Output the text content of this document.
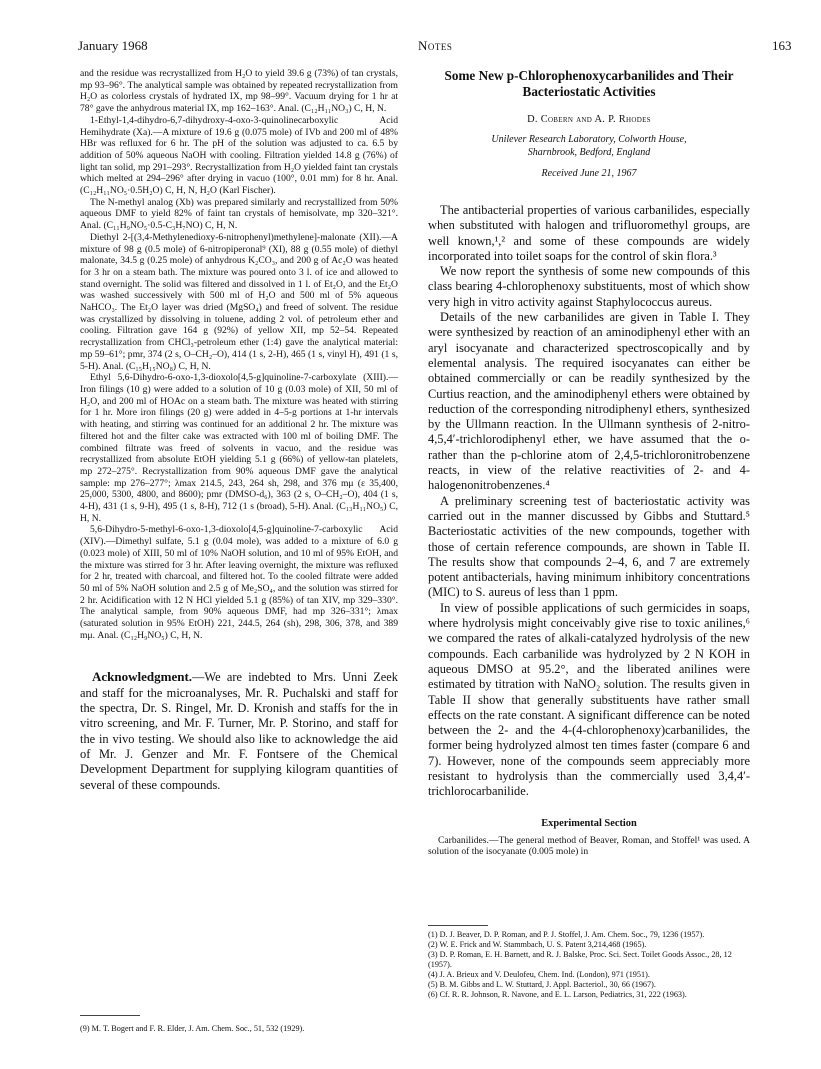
January 1968	Notes	163

and the residue was recrystallized from H₂O to yield 39.6 g (73%) of tan crystals, mp 93–96°. The analytical sample was obtained by repeated recrystallization from H₂O as colorless crystals of hydrated IX, mp 98–99°. Vacuum drying for 1 hr at 78° gave the anhydrous material IX, mp 162–163°. Anal. (C₁₂H₁₁NO₃) C, H, N.

1-Ethyl-1,4-dihydro-6,7-dihydroxy-4-oxo-3-quinolinecarboxylic Acid Hemihydrate (Xa).—A mixture of 19.6 g (0.075 mole) of IVb and 200 ml of 48% HBr was refluxed for 6 hr. The pH of the solution was adjusted to ca. 6.5 by addition of 50% aqueous NaOH with cooling. Filtration yielded 14.8 g (76%) of light tan solid, mp 291–293°. Recrystallization from H₂O yielded faint tan crystals which melted at 294–296° after drying in vacuo (100°, 0.01 mm) for 8 hr. Anal. (C₁₂H₁₁NO₅·0.5H₂O) C, H, N, H₂O (Karl Fischer).

The N-methyl analog (Xb) was prepared similarly and recrystallized from 50% aqueous DMF to yield 82% of faint tan crystals of hemisolvate, mp 320–321°. Anal. (C₁₁H₉NO₅·0.5-C₃H₇NO) C, H, N.

Diethyl 2-[(3,4-Methylenedioxy-6-nitrophenyl)methylene]-malonate (XII).—A mixture of 98 g (0.5 mole) of 6-nitropiperonal⁹ (XI), 88 g (0.55 mole) of diethyl malonate, 34.5 g (0.25 mole) of anhydrous K₂CO₃, and 200 g of Ac₂O was heated for 3 hr on a steam bath. The mixture was poured onto 3 l. of ice and allowed to stand overnight. The solid was filtered and dissolved in 1 l. of Et₂O, and the Et₂O was washed successively with 500 ml of H₂O and 500 ml of 5% aqueous NaHCO₃. The Et₂O layer was dried (MgSO₄) and freed of solvent. The residue was crystallized by dissolving in toluene, adding 2 vol. of petroleum ether and cooling. Filtration gave 164 g (92%) of yellow XII, mp 52–54. Repeated recrystallization from CHCl₃-petroleum ether (1:4) gave the analytical material: mp 59–61°; pmr, 374 (2 s, O–CH₂–O), 414 (1 s, 2-H), 465 (1 s, vinyl H), 491 (1 s, 5-H). Anal. (C₁₅H₁₅NO₈) C, H, N.

Ethyl 5,6-Dihydro-6-oxo-1,3-dioxolo[4,5-g]quinoline-7-carboxylate (XIII).—Iron filings (10 g) were added to a solution of 10 g (0.03 mole) of XII, 50 ml of H₂O, and 200 ml of HOAc on a steam bath. The mixture was heated with stirring for 1 hr. More iron filings (20 g) were added in 4–5-g portions at 1-hr intervals with heating, and stirring was continued for an additional 2 hr. The mixture was filtered hot and the filter cake was extracted with 100 ml of boiling DMF. The combined filtrate was freed of solvents in vacuo, and the residue was recrystallized from absolute EtOH yielding 5.1 g (66%) of yellow-tan platelets, mp 272–275°. Recrystallization from 90% aqueous DMF gave the analytical sample: mp 276–277°; λmax 214.5, 243, 264 sh, 298, and 376 mμ (ε 35,400, 25,000, 5300, 4800, and 8600); pmr (DMSO-d₆), 363 (2 s, O–CH₂–O), 404 (1 s, 4-H), 431 (1 s, 9-H), 495 (1 s, 8-H), 712 (1 s (broad), 5-H). Anal. (C₁₃H₁₁NO₅) C, H, N.

5,6-Dihydro-5-methyl-6-oxo-1,3-dioxolo[4,5-g]quinoline-7-carboxylic Acid (XIV).—Dimethyl sulfate, 5.1 g (0.04 mole), was added to a mixture of 6.0 g (0.023 mole) of XIII, 50 ml of 10% NaOH solution, and 10 ml of 95% EtOH, and the mixture was stirred for 3 hr. After leaving overnight, the mixture was refluxed for 2 hr, treated with charcoal, and filtered hot. To the cooled filtrate were added 50 ml of 5% NaOH solution and 2.5 g of Me₂SO₄, and the solution was stirred for 2 hr. Acidification with 12 N HCl yielded 5.1 g (85%) of tan XIV, mp 329–330°. The analytical sample, from 90% aqueous DMF, had mp 326–331°; λmax (saturated solution in 95% EtOH) 221, 244.5, 264 (sh), 298, 306, 378, and 389 mμ. Anal. (C₁₂H₉NO₅) C, H, N.

Acknowledgment.—We are indebted to Mrs. Unni Zeek and staff for the microanalyses, Mr. R. Puchalski and staff for the spectra, Dr. S. Ringel, Mr. D. Kronish and staffs for the in vitro screening, and Mr. F. Turner, Mr. P. Storino, and staff for the in vivo testing. We should also like to acknowledge the aid of Mr. J. Genzer and Mr. F. Fontsere of the Chemical Development Department for supplying kilogram quantities of several of these compounds.

(9) M. T. Bogert and F. R. Elder, J. Am. Chem. Soc., 51, 532 (1929).
Some New p-Chlorophenoxycarbanilides and Their Bacteriostatic Activities
D. Cobern and A. P. Rhodes
Unilever Research Laboratory, Colworth House,
Sharnbrook, Bedford, England
Received June 21, 1967

The antibacterial properties of various carbanilides, especially when substituted with halogen and trifluoromethyl groups, are well known,¹,² and some of these compounds are widely incorporated into toilet soaps for the control of skin flora.³

We now report the synthesis of some new compounds of this class bearing 4-chlorophenoxy substituents, most of which show very high in vitro activity against Staphylococcus aureus.

Details of the new carbanilides are given in Table I. They were synthesized by reaction of an aminodiphenyl ether with an aryl isocyanate and characterized spectroscopically and by elemental analysis. The required isocyanates can either be obtained commercially or can be readily synthesized by the Curtius reaction, and the aminodiphenyl ethers were obtained by reduction of the corresponding nitrodiphenyl ethers, synthesized by the Ullmann reaction. In the Ullmann synthesis of 2-nitro-4,5,4′-trichlorodiphenyl ether, we have assumed that the o- rather than the p-chlorine atom of 2,4,5-trichloronitrobenzene reacts, in view of the relative reactivities of 2- and 4-halogenonitrobenzenes.⁴

A preliminary screening test of bacteriostatic activity was carried out in the manner discussed by Gibbs and Stuttard.⁵ Bacteriostatic activities of the new compounds, together with those of certain reference compounds, are shown in Table II. The results show that compounds 2–4, 6, and 7 are extremely potent antibacterials, having minimum inhibitory concentrations (MIC) to S. aureus of less than 1 ppm.

In view of possible applications of such germicides in soaps, where hydrolysis might conceivably give rise to toxic anilines,⁶ we compared the rates of alkali-catalyzed hydrolysis of the new compounds. Each carbanilide was hydrolyzed by 2 N KOH in aqueous DMSO at 95.2°, and the liberated anilines were estimated by titration with NaNO₂ solution. The results given in Table II show that generally substituents have rather small effects on the rate constant. A significant difference can be noted between the 2- and the 4-(4-chlorophenoxy)carbanilides, the former being hydrolyzed almost ten times faster (compare 6 and 7). However, none of the compounds seem appreciably more resistant to hydrolysis than the commercially used 3,4,4′-trichlorocarbanilide.

Experimental Section

Carbanilides.—The general method of Beaver, Roman, and Stoffel¹ was used. A solution of the isocyanate (0.005 mole) in

(1) D. J. Beaver, D. P. Roman, and P. J. Stoffel, J. Am. Chem. Soc., 79, 1236 (1957).
(2) W. E. Frick and W. Stammbach, U. S. Patent 3,214,468 (1965).
(3) D. P. Roman, E. H. Barnett, and R. J. Balske, Proc. Sci. Sect. Toilet Goods Assoc., 28, 12 (1957).
(4) J. A. Brieux and V. Deulofeu, Chem. Ind. (London), 971 (1951).
(5) B. M. Gibbs and L. W. Stuttard, J. Appl. Bacteriol., 30, 66 (1967).
(6) Cf. R. R. Johnson, R. Navone, and E. L. Larson, Pediatrics, 31, 222 (1963).
